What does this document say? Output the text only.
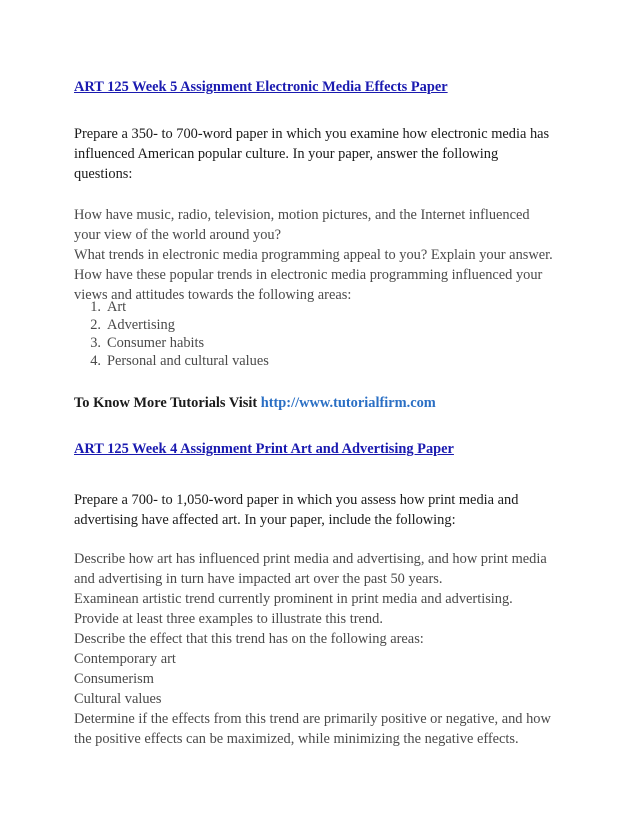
ART 125 Week 5 Assignment Electronic Media Effects Paper
Prepare a 350- to 700-word paper in which you examine how electronic media has
influenced American popular culture. In your paper, answer the following
questions:
How have music, radio, television, motion pictures, and the Internet influenced
your view of the world around you?
What trends in electronic media programming appeal to you? Explain your answer.
How have these popular trends in electronic media programming influenced your
views and attitudes towards the following areas:
1. Art
2. Advertising
3. Consumer habits
4. Personal and cultural values
To Know More Tutorials Visit http://www.tutorialfirm.com
ART 125 Week 4 Assignment Print Art and Advertising Paper
Prepare a 700- to 1,050-word paper in which you assess how print media and
advertising have affected art. In your paper, include the following:
Describe how art has influenced print media and advertising, and how print media
and advertising in turn have impacted art over the past 50 years.
Examinean artistic trend currently prominent in print media and advertising.
Provide at least three examples to illustrate this trend.
Describe the effect that this trend has on the following areas:
Contemporary art
Consumerism
Cultural values
Determine if the effects from this trend are primarily positive or negative, and how
the positive effects can be maximized, while minimizing the negative effects.
